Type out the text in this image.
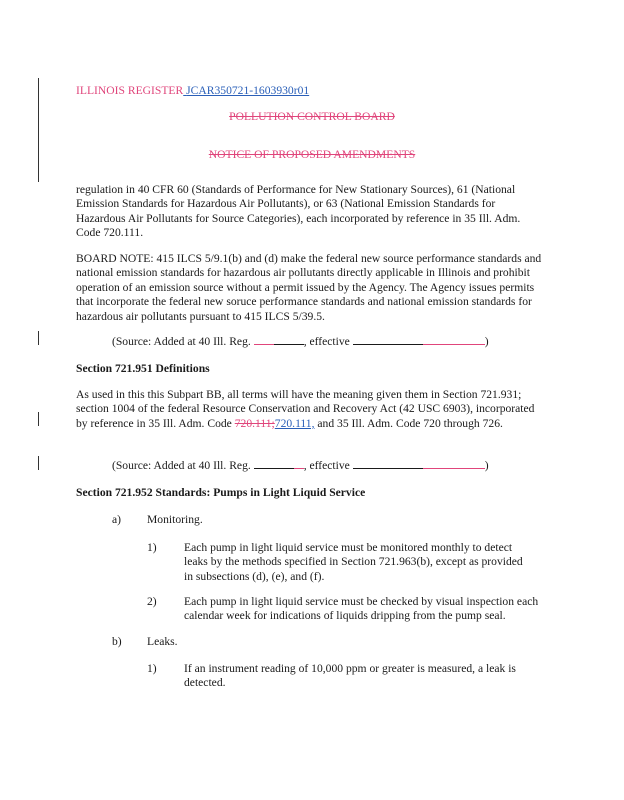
ILLINOIS REGISTER JCAR350721-1603930r01
POLLUTION CONTROL BOARD
NOTICE OF PROPOSED AMENDMENTS
regulation in 40 CFR 60 (Standards of Performance for New Stationary Sources), 61 (National Emission Standards for Hazardous Air Pollutants), or 63 (National Emission Standards for Hazardous Air Pollutants for Source Categories), each incorporated by reference in 35 Ill. Adm. Code 720.111.
BOARD NOTE: 415 ILCS 5/9.1(b) and (d) make the federal new source performance standards and national emission standards for hazardous air pollutants directly applicable in Illinois and prohibit operation of an emission source without a permit issued by the Agency. The Agency issues permits that incorporate the federal new soruce performance standards and national emission standards for hazardous air pollutants pursuant to 415 ILCS 5/39.5.
(Source: Added at 40 Ill. Reg.	, effective	)
Section 721.951 Definitions
As used in this this Subpart BB, all terms will have the meaning given them in Section 721.931; section 1004 of the federal Resource Conservation and Recovery Act (42 USC 6903), incorporated by reference in 35 Ill. Adm. Code 720.111;720.111, and 35 Ill. Adm. Code 720 through 726.
(Source: Added at 40 Ill. Reg.	, effective	)
Section 721.952 Standards: Pumps in Light Liquid Service
a) Monitoring.
1) Each pump in light liquid service must be monitored monthly to detect leaks by the methods specified in Section 721.963(b), except as provided in subsections (d), (e), and (f).
2) Each pump in light liquid service must be checked by visual inspection each calendar week for indications of liquids dripping from the pump seal.
b) Leaks.
1) If an instrument reading of 10,000 ppm or greater is measured, a leak is detected.
